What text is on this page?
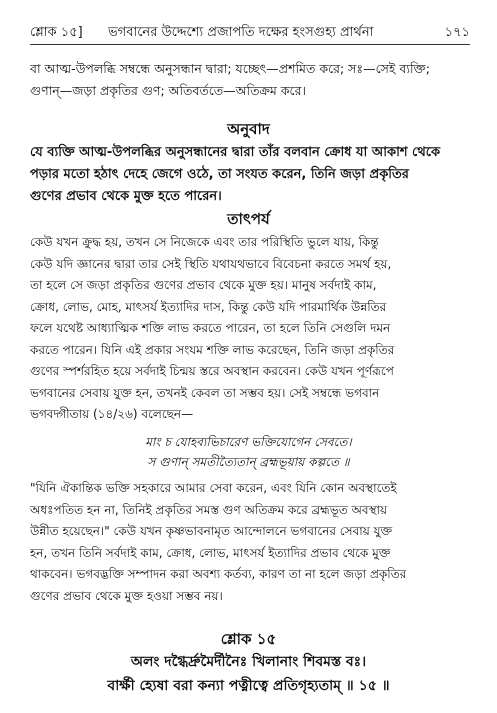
শ্লোক ১৫] ভগবানের উদ্দেশ্যে প্রজাপতি দক্ষের হংসগুহ্য প্রার্থনা	১৭১
বা আত্ম-উপলব্ধি সম্বন্ধে অনুসন্ধান দ্বারা; যচ্ছেৎ—প্রশমিত করে; সঃ—সেই ব্যক্তি;
গুণান্—জড়া প্রকৃতির গুণ; অতিবর্ততে—অতিক্রম করে।
অনুবাদ
যে ব্যক্তি আত্ম-উপলব্ধির অনুসন্ধানের দ্বারা তাঁর বলবান ক্রোধ যা আকাশ থেকে
পড়ার মতো হঠাৎ দেহে জেগে ওঠে, তা সংযত করেন, তিনি জড়া প্রকৃতির
গুণের প্রভাব থেকে মুক্ত হতে পারেন।
তাৎপর্য
কেউ যখন ক্রুদ্ধ হয়, তখন সে নিজেকে এবং তার পরিস্থিতি ভুলে যায়, কিন্তু
কেউ যদি জ্ঞানের দ্বারা তার সেই স্থিতি যথাযথভাবে বিবেচনা করতে সমর্থ হয়,
তা হলে সে জড়া প্রকৃতির গুণের প্রভাব থেকে মুক্ত হয়। মানুষ সর্বদাই কাম,
ক্রোধ, লোভ, মোহ, মাৎসর্য ইত্যাদির দাস, কিন্তু কেউ যদি পারমার্থিক উন্নতির
ফলে যথেষ্ট আধ্যাত্মিক শক্তি লাভ করতে পারেন, তা হলে তিনি সেগুলি দমন
করতে পারেন। যিনি এই প্রকার সংযম শক্তি লাভ করেছেন, তিনি জড়া প্রকৃতির
গুণের স্পর্শরহিত হয়ে সর্বদাই চিন্ময় স্তরে অবস্থান করবেন। কেউ যখন পূর্ণরূপে
ভগবানের সেবায় যুক্ত হন, তখনই কেবল তা সম্ভব হয়। সেই সম্বন্ধে ভগবান
ভগবদ্গীতায় (১৪/২৬) বলেছেন—
মাং চ যোহব্যভিচারেণ ভক্তিযোগেন সেবতে।
স গুণান্ সমতীত্যৈতান্ ব্রহ্মভূয়ায় কল্পতে ॥
"যিনি ঐকান্তিক ভক্তি সহকারে আমার সেবা করেন, এবং যিনি কোন অবস্থাতেই
অধঃপতিত হন না, তিনিই প্রকৃতির সমস্ত গুণ অতিক্রম করে ব্রহ্মভূত অবস্থায়
উন্নীত হয়েছেন।" কেউ যখন কৃষ্ণভাবনামৃত আন্দোলনে ভগবানের সেবায় যুক্ত
হন, তখন তিনি সর্বদাই কাম, ক্রোধ, লোভ, মাৎসর্য ইত্যাদির প্রভাব থেকে মুক্ত
থাকবেন। ভগবদ্ভক্তি সম্পাদন করা অবশ্য কর্তব্য, কারণ তা না হলে জড়া প্রকৃতির
গুণের প্রভাব থেকে মুক্ত হওয়া সম্ভব নয়।
শ্লোক ১৫
অলং দগ্ধৈর্দ্রুমৈর্দীনৈঃ খিলানাং শিবমস্ত বঃ।
বার্ক্ষী হ্যেষা বরা কন্যা পত্নীত্বে প্রতিগৃহ্যতাম্ ॥ ১৫ ॥
